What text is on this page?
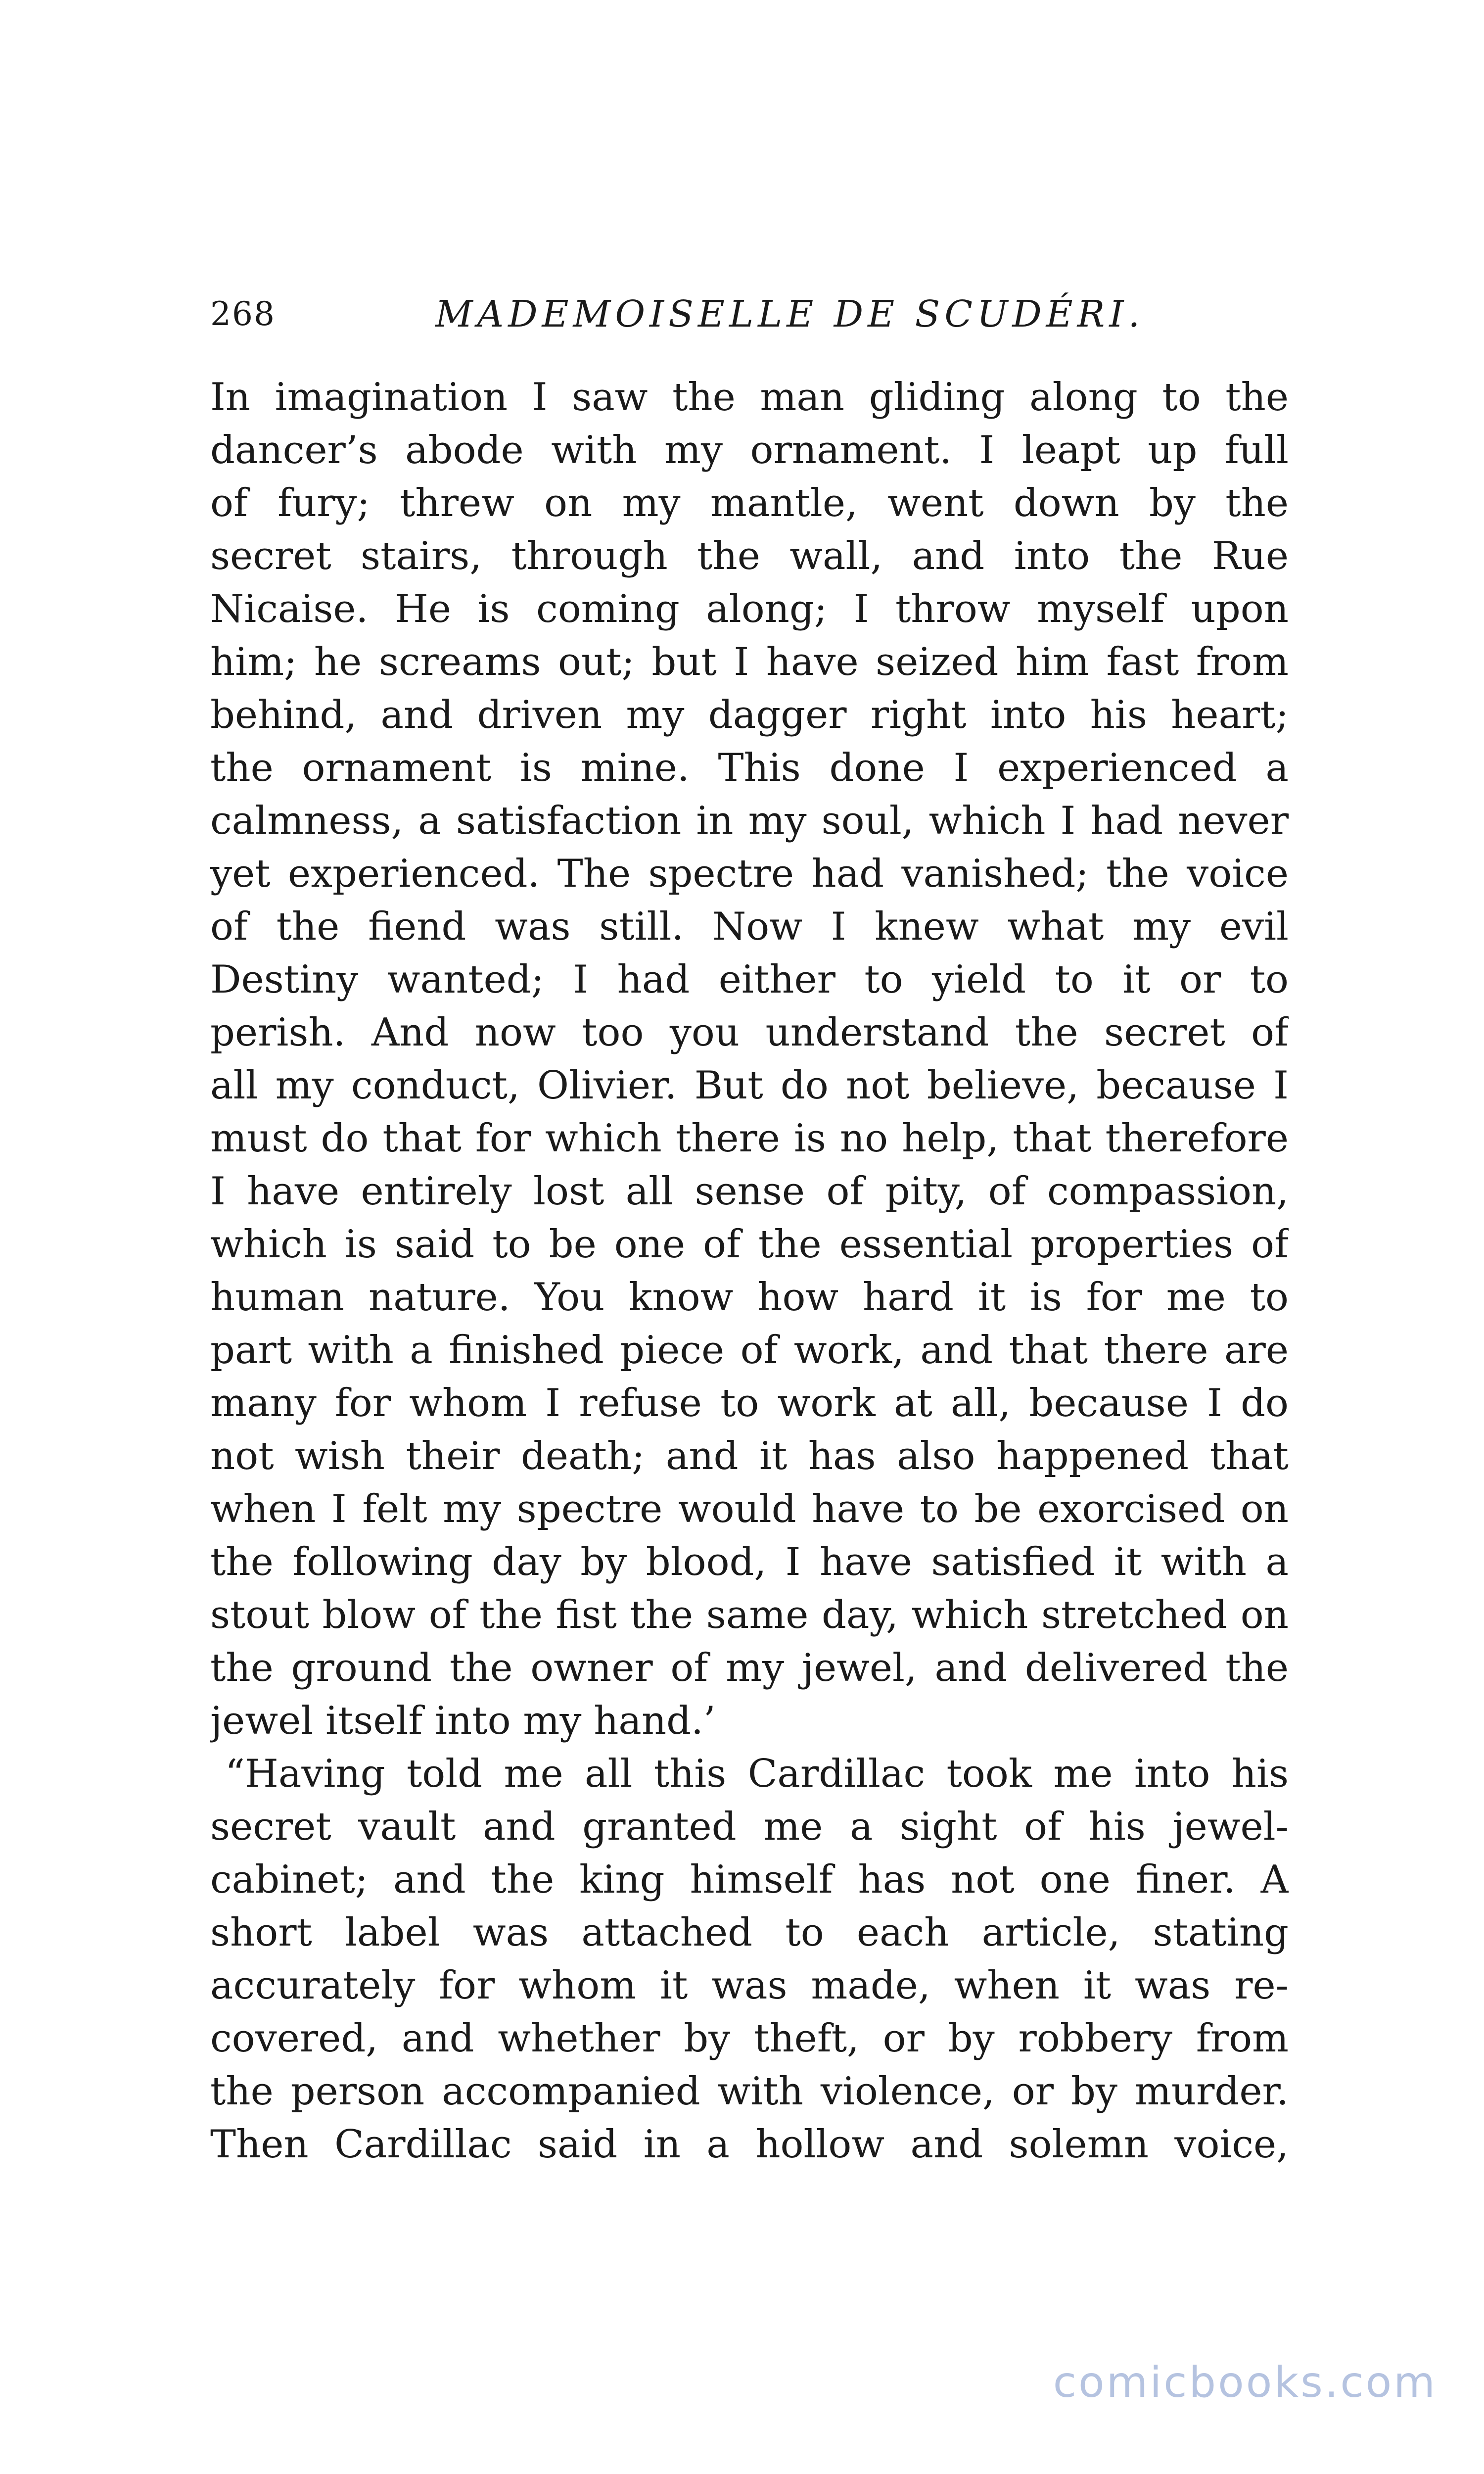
268	MADEMOISELLE DE SCUDÉRI.
In imagination I saw the man gliding along to the
dancer’s abode with my ornament. I leapt up full
of fury; threw on my mantle, went down by the
secret stairs, through the wall, and into the Rue
Nicaise. He is coming along; I throw myself upon
him; he screams out; but I have seized him fast from
behind, and driven my dagger right into his heart;
the ornament is mine. This done I experienced a
calmness, a satisfaction in my soul, which I had never
yet experienced. The spectre had vanished; the voice
of the fiend was still. Now I knew what my evil
Destiny wanted; I had either to yield to it or to
perish. And now too you understand the secret of
all my conduct, Olivier. But do not believe, because I
must do that for which there is no help, that therefore
I have entirely lost all sense of pity, of compassion,
which is said to be one of the essential properties of
human nature. You know how hard it is for me to
part with a finished piece of work, and that there are
many for whom I refuse to work at all, because I do
not wish their death; and it has also happened that
when I felt my spectre would have to be exorcised on
the following day by blood, I have satisfied it with a
stout blow of the fist the same day, which stretched on
the ground the owner of my jewel, and delivered the
jewel itself into my hand.’
“Having told me all this Cardillac took me into his
secret vault and granted me a sight of his jewel-
cabinet; and the king himself has not one finer. A
short label was attached to each article, stating
accurately for whom it was made, when it was re-
covered, and whether by theft, or by robbery from
the person accompanied with violence, or by murder.
Then Cardillac said in a hollow and solemn voice,
comicbooks.com
